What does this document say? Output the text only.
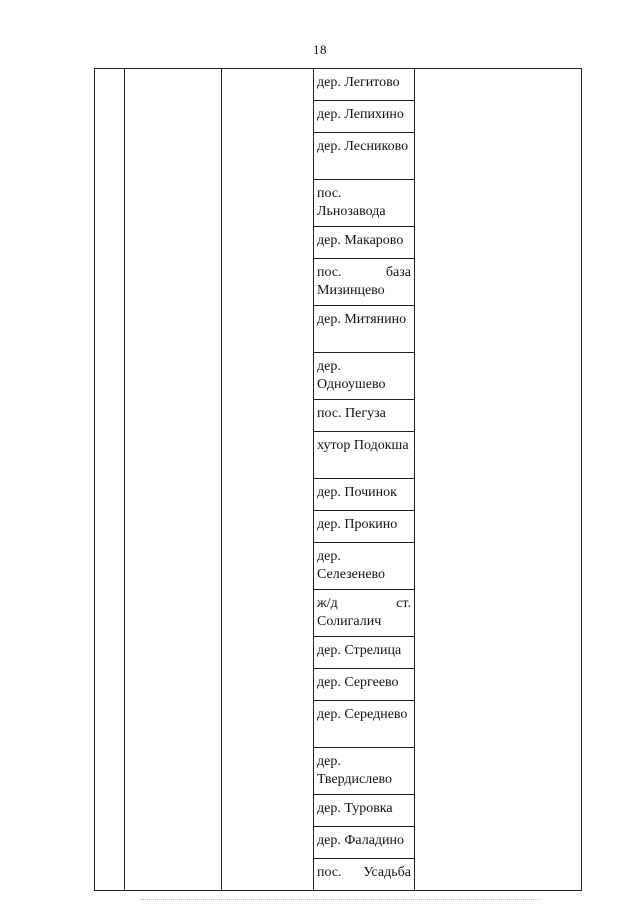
18
			дер. Легитово	
дер. Лепихино
дер. Лесниково
пос. Льнозавода
дер. Макарово
пос. база Мизинцево
дер. Митянино
дер. Одноушево
пос. Пегуза
хутор Подокша
дер. Починок
дер. Прокино
дер. Селезенево
ж/д ст. Солигалич
дер. Стрелица
дер. Сергеево
дер. Середнево
дер. Твердислево
дер. Туровка
дер. Фаладино
пос. Усадьба
